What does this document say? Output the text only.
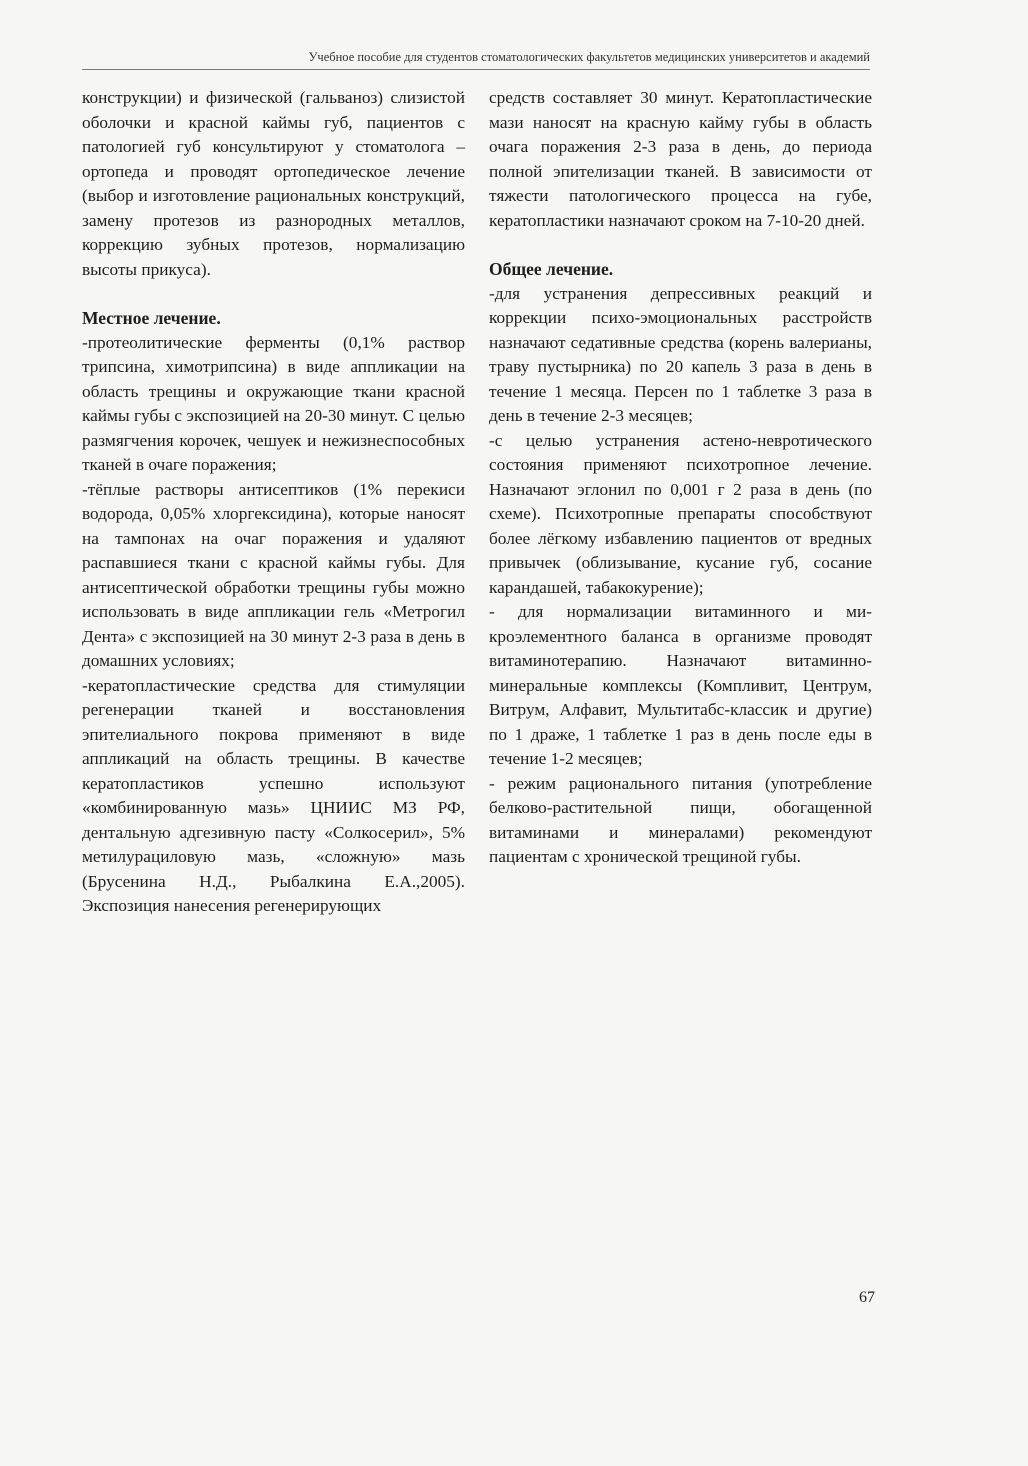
Учебное пособие для студентов стоматологических факультетов медицинских университетов и академий

конструкции) и физической (гальваноз) слизистой оболочки и красной каймы губ, пациентов с патологией губ консультируют у стоматолога – ортопеда и проводят ортопедическое лечение (выбор и изготовление рациональных конструкций, замену протезов из разнородных металлов, коррекцию зубных протезов, нормализацию высоты прикуса).

Местное лечение.

-протеолитические ферменты (0,1% раствор трипсина, химотрипсина) в виде аппликации на область трещины и окружающие ткани красной каймы губы с экспозицией на 20-30 минут. С целью размягчения корочек, чешуек и нежизнеспособных тканей в очаге поражения;

-тёплые растворы антисептиков (1% перекиси водорода, 0,05% хлоргексидина), которые наносят на тампонах на очаг поражения и удаляют распавшиеся ткани с красной каймы губы. Для антисептической обработки трещины губы можно использовать в виде аппликации гель «Метрогил Дента» с экспозицией на 30 минут 2-3 раза в день в домашних условиях;

-кератопластические средства для стимуляции регенерации тканей и восстановления эпителиального покрова применяют в виде аппликаций на область трещины. В качестве кератопластиков успешно используют «комбинированную мазь» ЦНИИС МЗ РФ, дентальную адгезивную пасту «Солкосерил», 5% метилурациловую мазь, «сложную» мазь (Брусенина Н.Д., Рыбалкина Е.А.,2005). Экспозиция нанесения регенерирующих

средств составляет 30 минут. Кератопластические мази наносят на красную кайму губы в область очага поражения 2-3 раза в день, до периода полной эпителизации тканей. В зависимости от тяжести патологического процесса на губе, кератопластики назначают сроком на 7-10-20 дней.

Общее лечение.

-для устранения депрессивных реакций и коррекции психо-эмоциональных расстройств назначают седативные средства (корень валерианы, траву пустырника) по 20 капель 3 раза в день в течение 1 месяца. Персен по 1 таблетке 3 раза в день в течение 2-3 месяцев;

-с целью устранения астено-невротического состояния применяют психотропное лечение. Назначают эглонил по 0,001 г 2 раза в день (по схеме). Психотропные препараты способствуют более лёгкому избавлению пациентов от вредных привычек (облизывание, кусание губ, сосание карандашей, табакокурение);

- для нормализации витаминного и микроэлементного баланса в организме проводят витаминотерапию. Назначают витаминно-минеральные комплексы (Компливит, Центрум, Витрум, Алфавит, Мультитабс-классик и другие) по 1 драже, 1 таблетке 1 раз в день после еды в течение 1-2 месяцев;

- режим рационального питания (употребление белково-растительной пищи, обогащенной витаминами и минералами) рекомендуют пациентам с хронической трещиной губы.

67
